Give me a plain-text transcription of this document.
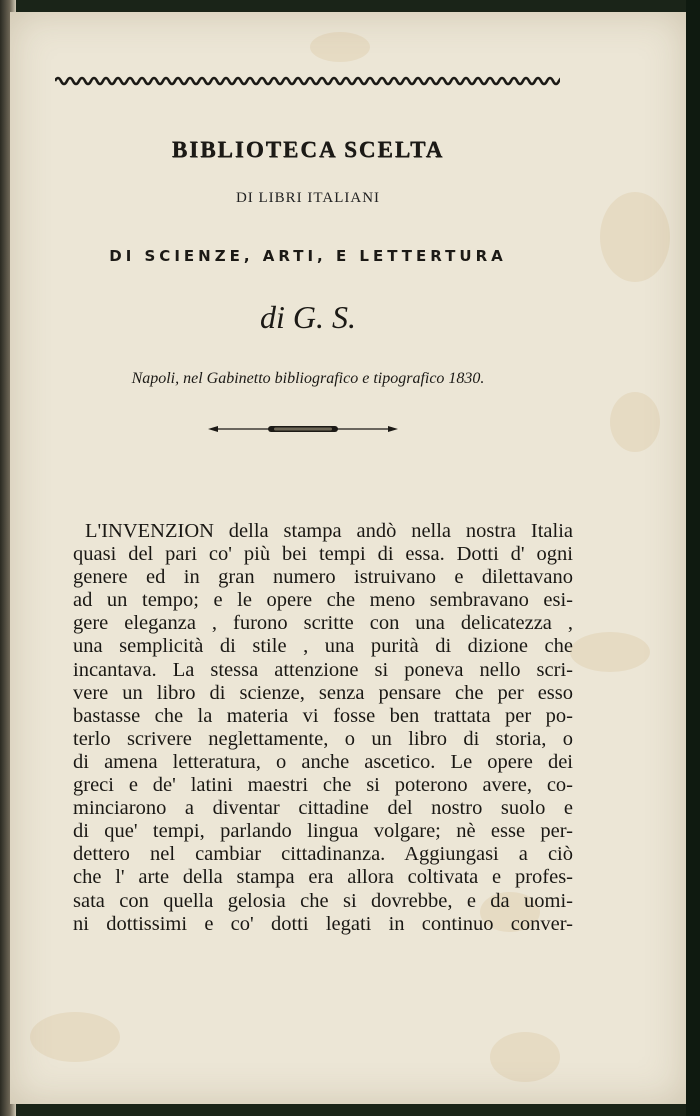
BIBLIOTECA SCELTA
DI LIBRI ITALIANI
DI SCIENZE, ARTI, E LETTERTURA
di G. S.
Napoli, nel Gabinetto bibliografico e tipografico 1830.
L'INVENZION della stampa andò nella nostra Italia
quasi del pari co' più bei tempi di essa. Dotti d' ogni
genere ed in gran numero istruivano e dilettavano
ad un tempo; e le opere che meno sembravano esi-
gere eleganza , furono scritte con una delicatezza ,
una semplicità di stile , una purità di dizione che
incantava. La stessa attenzione si poneva nello scri-
vere un libro di scienze, senza pensare che per esso
bastasse che la materia vi fosse ben trattata per po-
terlo scrivere neglettamente, o un libro di storia, o
di amena letteratura, o anche ascetico. Le opere dei
greci e de' latini maestri che si poterono avere, co-
minciarono a diventar cittadine del nostro suolo e
di que' tempi, parlando lingua volgare; nè esse per-
dettero nel cambiar cittadinanza. Aggiungasi a ciò
che l' arte della stampa era allora coltivata e profes-
sata con quella gelosia che si dovrebbe, e da uomi-
ni dottissimi e co' dotti legati in continuo conver-
